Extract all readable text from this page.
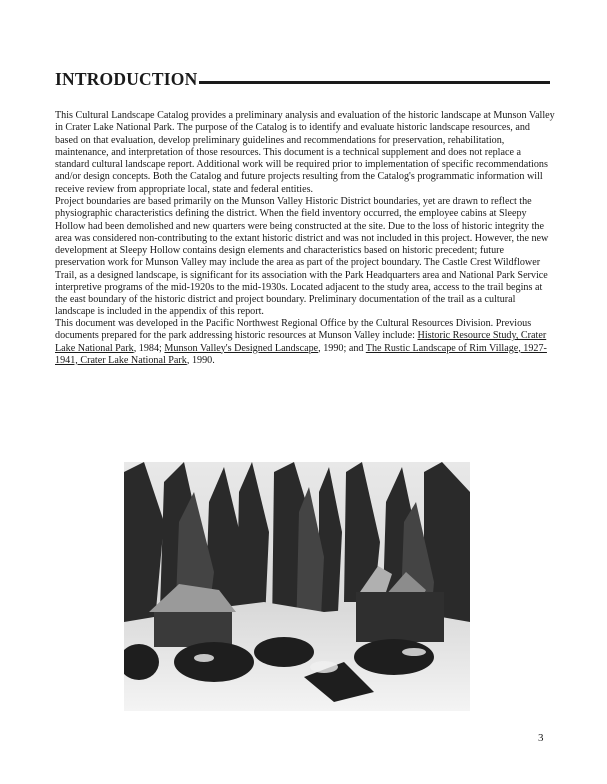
INTRODUCTION

This Cultural Landscape Catalog provides a preliminary analysis and evaluation of the historic landscape at Munson Valley in Crater Lake National Park. The purpose of the Catalog is to identify and evaluate historic landscape resources, and based on that evaluation, develop preliminary guidelines and recommendations for preservation, rehabilitation, maintenance, and interpretation of those resources. This document is a technical supplement and does not replace a standard cultural landscape report. Additional work will be required prior to implementation of specific recommendations and/or design concepts. Both the Catalog and future projects resulting from the Catalog's programmatic information will receive review from appropriate local, state and federal entities.

Project boundaries are based primarily on the Munson Valley Historic District boundaries, yet are drawn to reflect the physiographic characteristics defining the district. When the field inventory occurred, the employee cabins at Sleepy Hollow had been demolished and new quarters were being constructed at the site. Due to the loss of historic integrity the area was considered non-contributing to the extant historic district and was not included in this project. However, the new development at Sleepy Hollow contains design elements and characteristics based on historic precedent; future preservation work for Munson Valley may include the area as part of the project boundary. The Castle Crest Wildflower Trail, as a designed landscape, is significant for its association with the Park Headquarters area and National Park Service interpretive programs of the mid-1920s to the mid-1930s. Located adjacent to the study area, access to the trail begins at the east boundary of the historic district and project boundary. Preliminary documentation of the trail as a cultural landscape is included in the appendix of this report.

This document was developed in the Pacific Northwest Regional Office by the Cultural Resources Division. Previous documents prepared for the park addressing historic resources at Munson Valley include: Historic Resource Study, Crater Lake National Park, 1984; Munson Valley's Designed Landscape, 1990; and The Rustic Landscape of Rim Village, 1927-1941, Crater Lake National Park, 1990.

3
